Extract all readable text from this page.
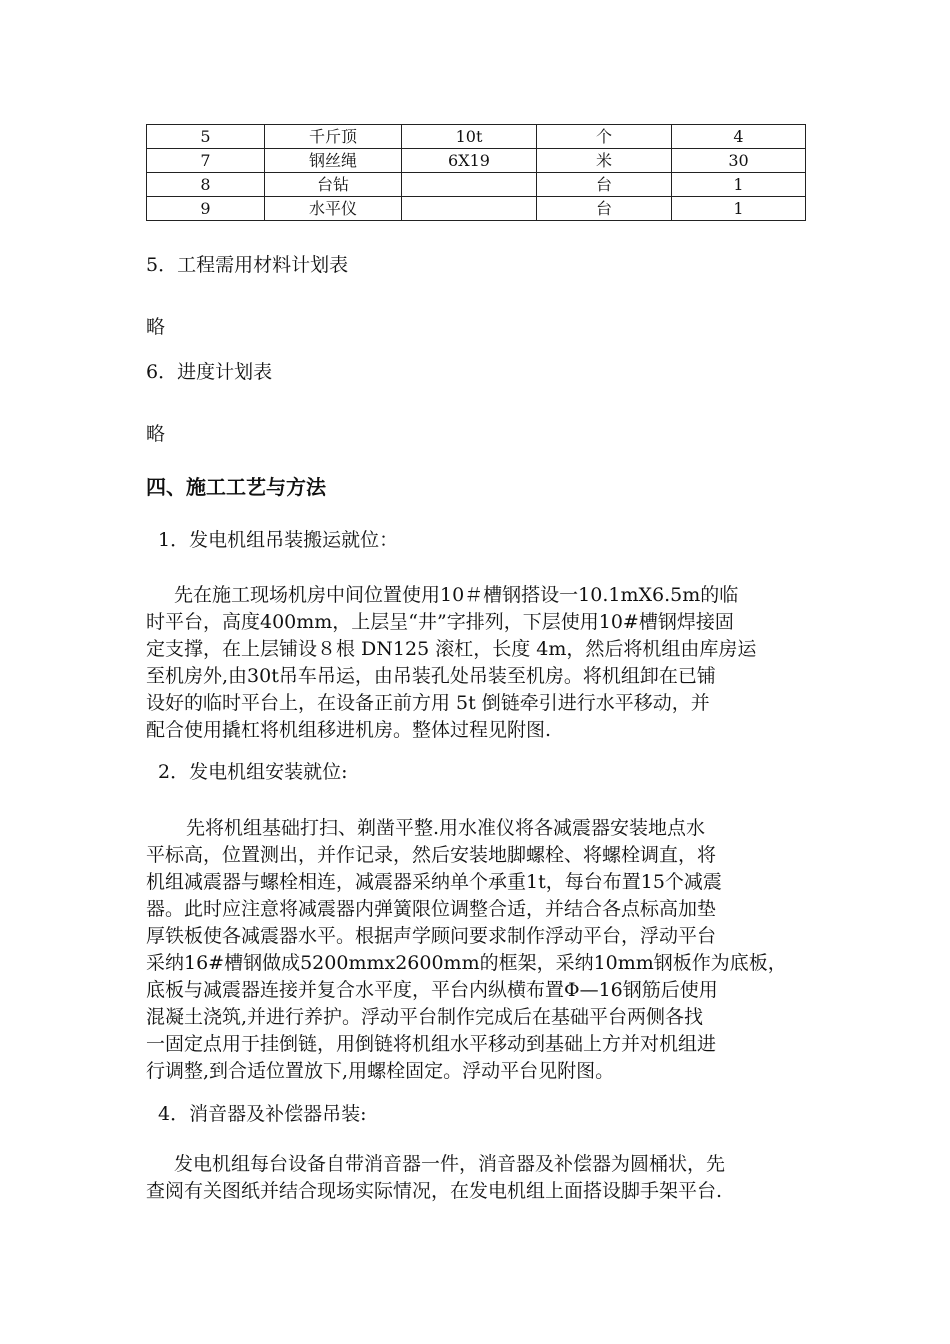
5	千斤顶	10t	个	4
7	钢丝绳	6X19	米	30
8	台钻		台	1
9	水平仪		台	1
5．工程需用材料计划表
略
6．进度计划表
略
四、施工工艺与方法
1．发电机组吊装搬运就位：
先在施工现场机房中间位置使用10＃槽钢搭设一10.1mX6.5m的临
时平台，高度400mm，上层呈“井”字排列，下层使用10#槽钢焊接固
定支撑，在上层铺设８根 DN125 滚杠，长度 4m，然后将机组由库房运
至机房外,由30t吊车吊运，由吊装孔处吊装至机房。将机组卸在已铺
设好的临时平台上，在设备正前方用 5t 倒链牵引进行水平移动，并
配合使用撬杠将机组移进机房。整体过程见附图.
2．发电机组安装就位:
先将机组基础打扫、剃凿平整.用水准仪将各减震器安装地点水
平标高，位置测出，并作记录，然后安装地脚螺栓、将螺栓调直，将
机组减震器与螺栓相连，减震器采纳单个承重1t，每台布置15个减震
器。此时应注意将减震器内弹簧限位调整合适，并结合各点标高加垫
厚铁板使各减震器水平。根据声学顾问要求制作浮动平台，浮动平台
采纳16#槽钢做成5200mmx2600mm的框架，采纳10mm钢板作为底板，
底板与减震器连接并复合水平度，平台内纵横布置Φ—16钢筋后使用
混凝土浇筑,并进行养护。浮动平台制作完成后在基础平台两侧各找
一固定点用于挂倒链，用倒链将机组水平移动到基础上方并对机组进
行调整,到合适位置放下,用螺栓固定。浮动平台见附图。
4．消音器及补偿器吊装:
发电机组每台设备自带消音器一件，消音器及补偿器为圆桶状，先
查阅有关图纸并结合现场实际情况，在发电机组上面搭设脚手架平台.
